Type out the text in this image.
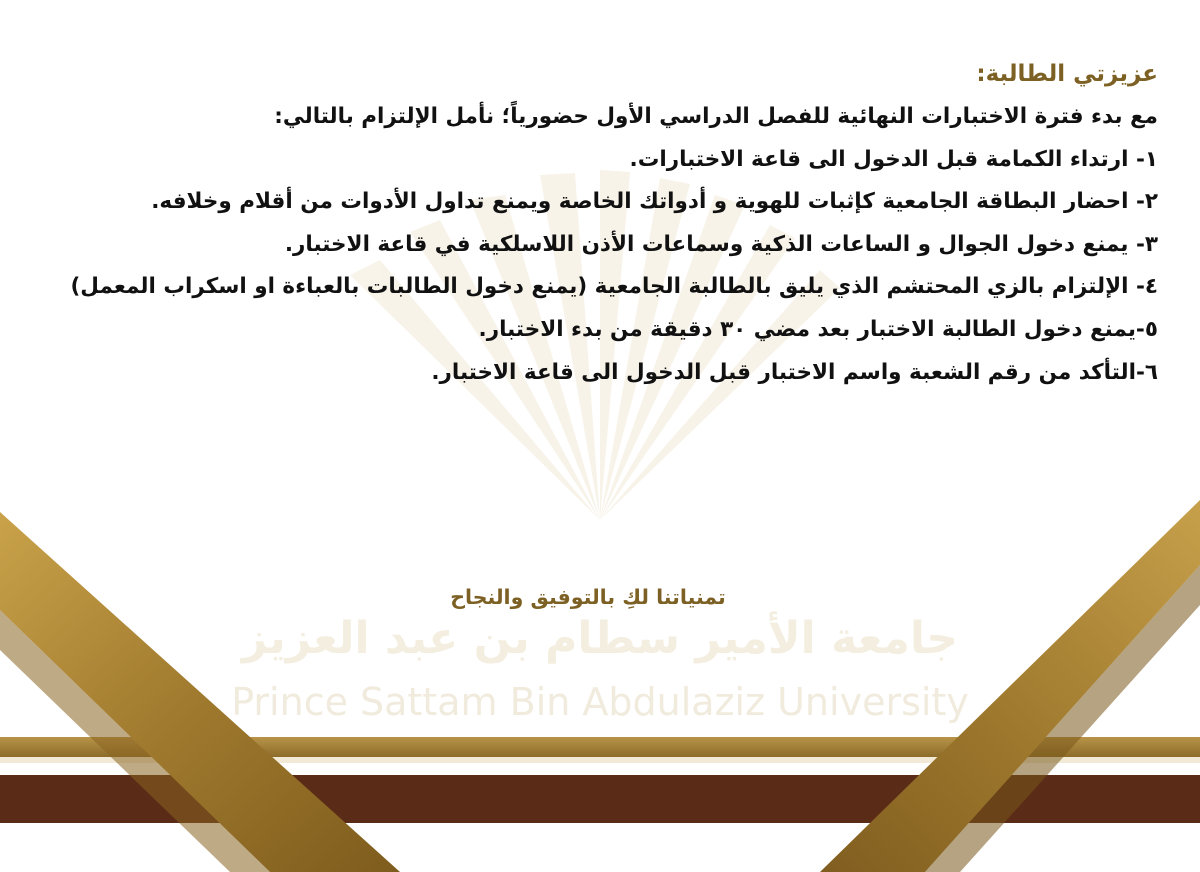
جامعة الأمير سطام بن عبد العزيز
Prince Sattam Bin Abdulaziz University
عزيزتي الطالبة:
مع بدء فترة الاختبارات النهائية للفصل الدراسي الأول حضورياً؛ نأمل الإلتزام بالتالي:
١- ارتداء الكمامة قبل الدخول الى قاعة الاختبارات.
٢- احضار البطاقة الجامعية كإثبات للهوية و أدواتك الخاصة ويمنع تداول الأدوات من أقلام وخلافه.
٣- يمنع دخول الجوال و الساعات الذكية وسماعات الأذن اللاسلكية في قاعة الاختبار.
٤- الإلتزام بالزي المحتشم الذي يليق بالطالبة الجامعية (يمنع دخول الطالبات بالعباءة او اسكراب المعمل)
٥-يمنع دخول الطالبة الاختبار بعد مضي ٣٠ دقيقة من بدء الاختبار.
٦-التأكد من رقم الشعبة واسم الاختبار قبل الدخول الى قاعة الاختبار.
تمنياتنا لكِ بالتوفيق والنجاح
